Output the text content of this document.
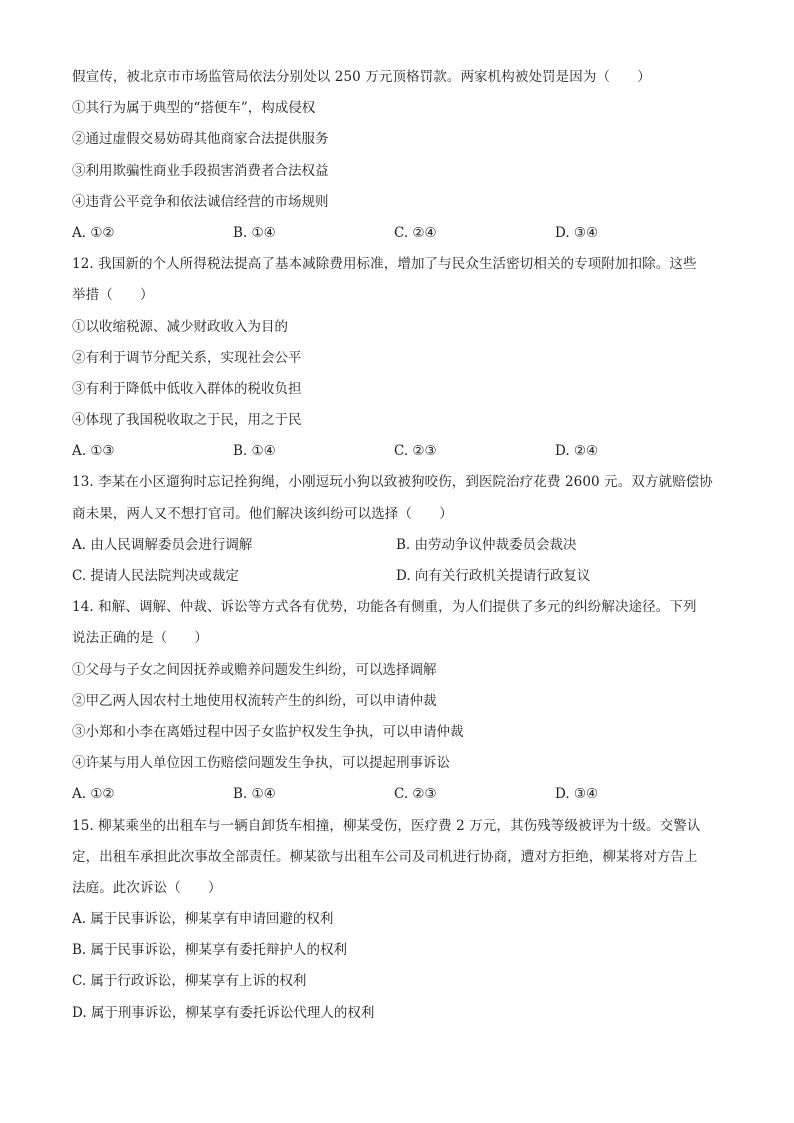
假宣传，被北京市市场监管局依法分别处以 250 万元顶格罚款。两家机构被处罚是因为（　　）
①其行为属于典型的“搭便车”，构成侵权
②通过虚假交易妨碍其他商家合法提供服务
③利用欺骗性商业手段损害消费者合法权益
④违背公平竞争和依法诚信经营的市场规则
A. ①②	B. ①④	C. ②④	D. ③④
12. 我国新的个人所得税法提高了基本减除费用标准，增加了与民众生活密切相关的专项附加扣除。这些
举措（　　）
①以收缩税源、减少财政收入为目的
②有利于调节分配关系，实现社会公平
③有利于降低中低收入群体的税收负担
④体现了我国税收取之于民，用之于民
A. ①③	B. ①④	C. ②③	D. ②④
13. 李某在小区遛狗时忘记拴狗绳，小刚逗玩小狗以致被狗咬伤，到医院治疗花费 2600 元。双方就赔偿协
商未果，两人又不想打官司。他们解决该纠纷可以选择（　　）
A. 由人民调解委员会进行调解	B. 由劳动争议仲裁委员会裁决
C. 提请人民法院判决或裁定	D. 向有关行政机关提请行政复议
14. 和解、调解、仲裁、诉讼等方式各有优势，功能各有侧重，为人们提供了多元的纠纷解决途径。下列
说法正确的是（　　）
①父母与子女之间因抚养或赡养问题发生纠纷，可以选择调解
②甲乙两人因农村土地使用权流转产生的纠纷，可以申请仲裁
③小郑和小李在离婚过程中因子女监护权发生争执，可以申请仲裁
④许某与用人单位因工伤赔偿问题发生争执，可以提起刑事诉讼
A. ①②	B. ①④	C. ②③	D. ③④
15. 柳某乘坐的出租车与一辆自卸货车相撞，柳某受伤，医疗费 2 万元，其伤残等级被评为十级。交警认
定，出租车承担此次事故全部责任。柳某欲与出租车公司及司机进行协商，遭对方拒绝，柳某将对方告上
法庭。此次诉讼（　　）
A. 属于民事诉讼，柳某享有申请回避的权利
B. 属于民事诉讼，柳某享有委托辩护人的权利
C. 属于行政诉讼，柳某享有上诉的权利
D. 属于刑事诉讼，柳某享有委托诉讼代理人的权利
